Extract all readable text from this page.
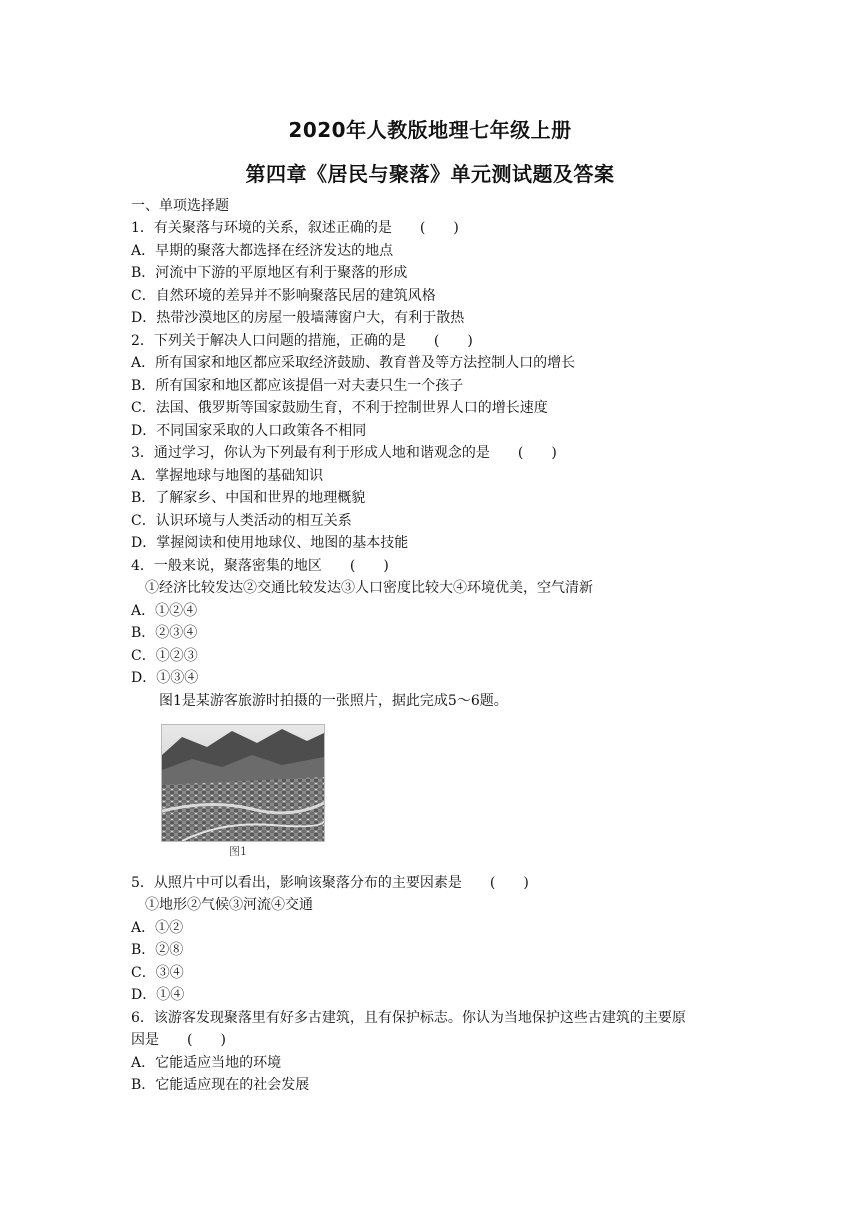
2020年人教版地理七年级上册
第四章《居民与聚落》单元测试题及答案
一、单项选择题
1．有关聚落与环境的关系，叙述正确的是　　(　　)
A．早期的聚落大都选择在经济发达的地点
B．河流中下游的平原地区有利于聚落的形成
C．自然环境的差异并不影响聚落民居的建筑风格
D．热带沙漠地区的房屋一般墙薄窗户大，有利于散热
2．下列关于解决人口问题的措施，正确的是　　(　　)
A．所有国家和地区都应采取经济鼓励、教育普及等方法控制人口的增长
B．所有国家和地区都应该提倡一对夫妻只生一个孩子
C．法国、俄罗斯等国家鼓励生育，不利于控制世界人口的增长速度
D．不同国家采取的人口政策各不相同
3．通过学习，你认为下列最有利于形成人地和谐观念的是　　(　　)
A．掌握地球与地图的基础知识
B．了解家乡、中国和世界的地理概貌
C．认识环境与人类活动的相互关系
D．掌握阅读和使用地球仪、地图的基本技能
4．一般来说，聚落密集的地区　　(　　)
　①经济比较发达②交通比较发达③人口密度比较大④环境优美，空气清新
A．①②④
B．②③④
C．①②③
D．①③④
　　图1是某游客旅游时拍摄的一张照片，据此完成5～6题。
图1
5．从照片中可以看出，影响该聚落分布的主要因素是　　(　　)
　①地形②气候③河流④交通
A．①②
B．②⑧
C．③④
D．①④
6．该游客发现聚落里有好多古建筑，且有保护标志。你认为当地保护这些古建筑的主要原
因是　　(　　)
A．它能适应当地的环境
B．它能适应现在的社会发展
